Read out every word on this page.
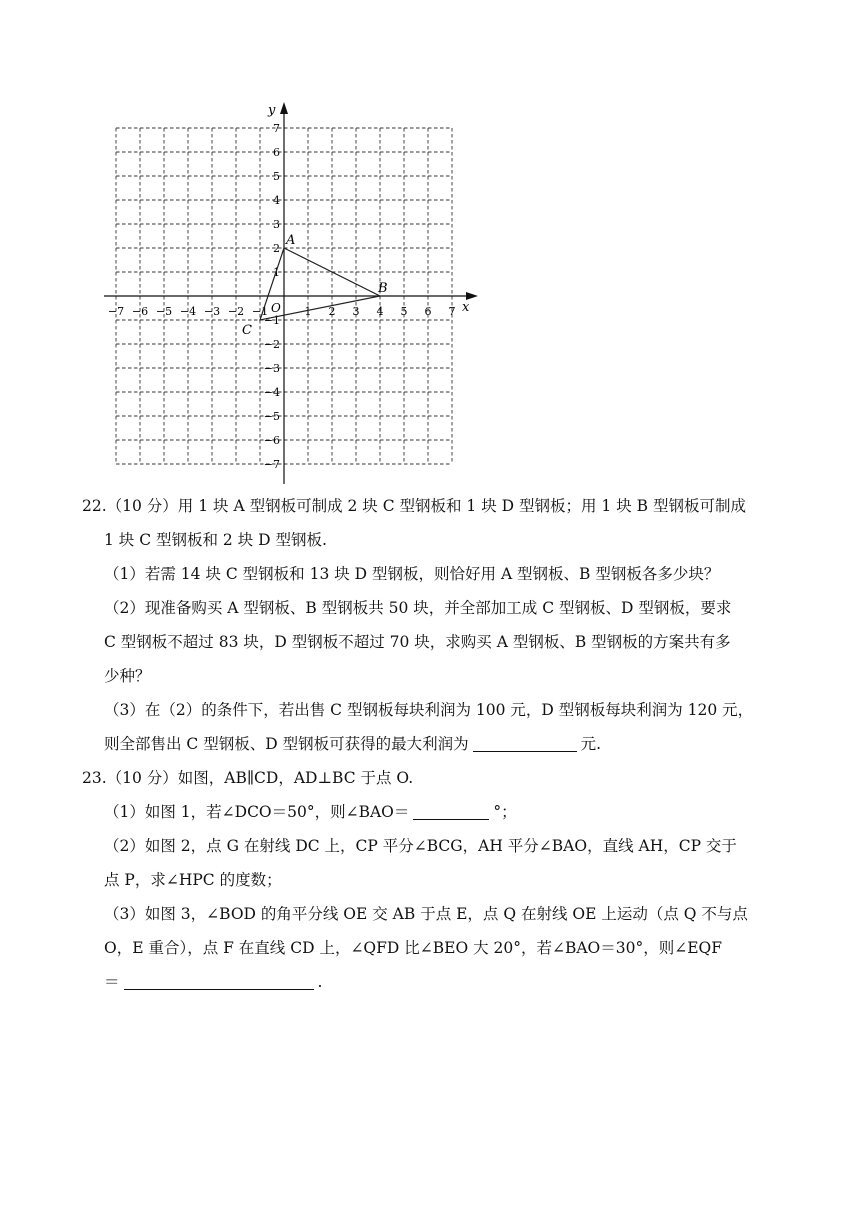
x
y
O
−7 −6 −5 −4 −3 −2 −1	1 2 3 4 5 6 7
7
6
5
4
3
2
1
−1
−2
−3
−4
−5
−6
−7
A
B
C
22.（10 分）用 1 块 A 型钢板可制成 2 块 C 型钢板和 1 块 D 型钢板；用 1 块 B 型钢板可制成
1 块 C 型钢板和 2 块 D 型钢板.
（1）若需 14 块 C 型钢板和 13 块 D 型钢板，则恰好用 A 型钢板、B 型钢板各多少块？
（2）现准备购买 A 型钢板、B 型钢板共 50 块，并全部加工成 C 型钢板、D 型钢板，要求
C 型钢板不超过 83 块，D 型钢板不超过 70 块，求购买 A 型钢板、B 型钢板的方案共有多
少种？
（3）在（2）的条件下，若出售 C 型钢板每块利润为 100 元，D 型钢板每块利润为 120 元，
则全部售出 C 型钢板、D 型钢板可获得的最大利润为	元.
23.（10 分）如图，AB∥CD，AD⊥BC 于点 O.
（1）如图 1，若∠DCO＝50°，则∠BAO＝	°；
（2）如图 2，点 G 在射线 DC 上，CP 平分∠BCG，AH 平分∠BAO，直线 AH，CP 交于
点 P，求∠HPC 的度数；
（3）如图 3，∠BOD 的角平分线 OE 交 AB 于点 E，点 Q 在射线 OE 上运动（点 Q 不与点
O，E 重合），点 F 在直线 CD 上，∠QFD 比∠BEO 大 20°，若∠BAO＝30°，则∠EQF
＝	.
